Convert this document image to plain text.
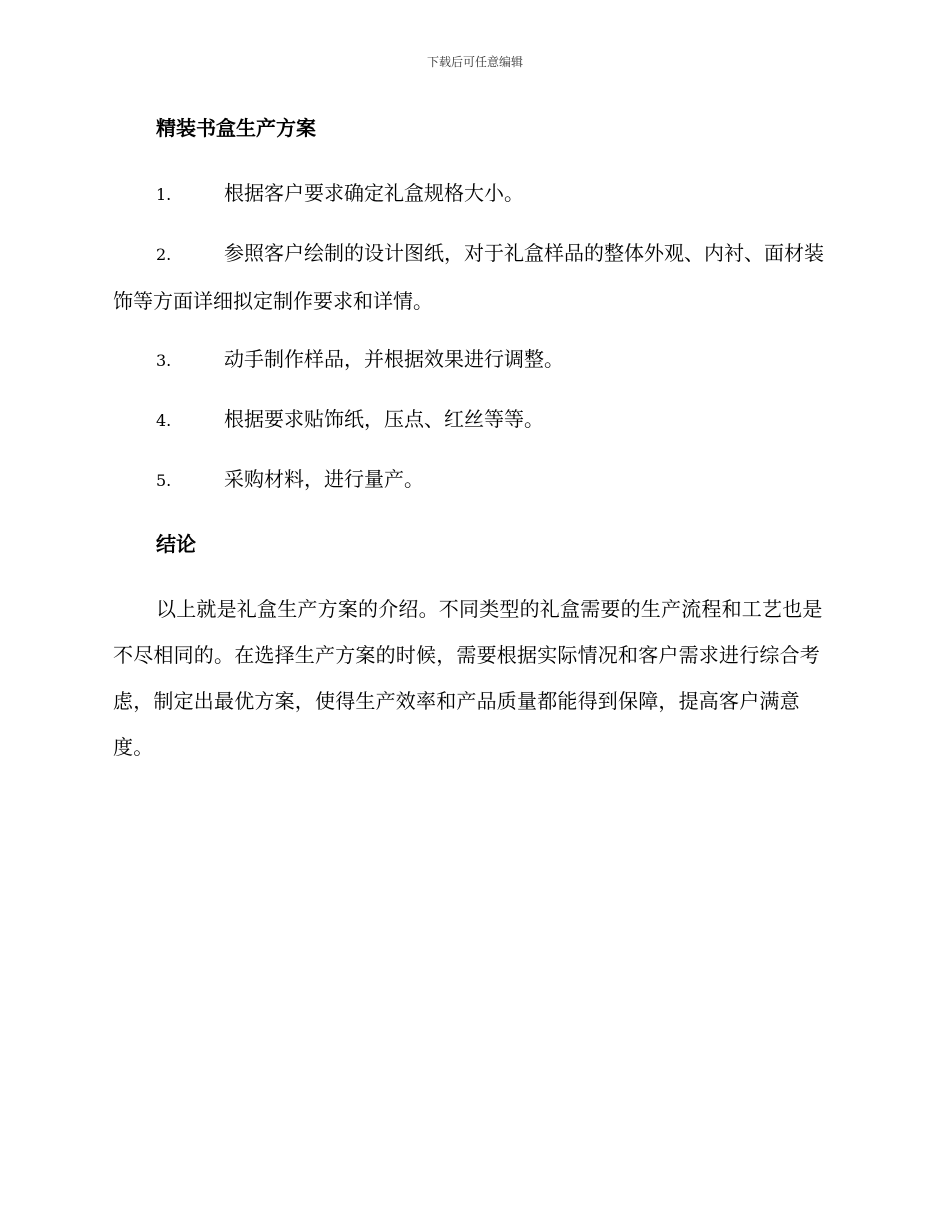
下载后可任意编辑
精装书盒生产方案
1.	根据客户要求确定礼盒规格大小。
2.	参照客户绘制的设计图纸，对于礼盒样品的整体外观、内衬、面材装饰等方面详细拟定制作要求和详情。
3.	动手制作样品，并根据效果进行调整。
4.	根据要求贴饰纸，压点、红丝等等。
5.	采购材料，进行量产。
结论

以上就是礼盒生产方案的介绍。不同类型的礼盒需要的生产流程和工艺也是不尽相同的。在选择生产方案的时候，需要根据实际情况和客户需求进行综合考虑，制定出最优方案，使得生产效率和产品质量都能得到保障，提高客户满意度。
